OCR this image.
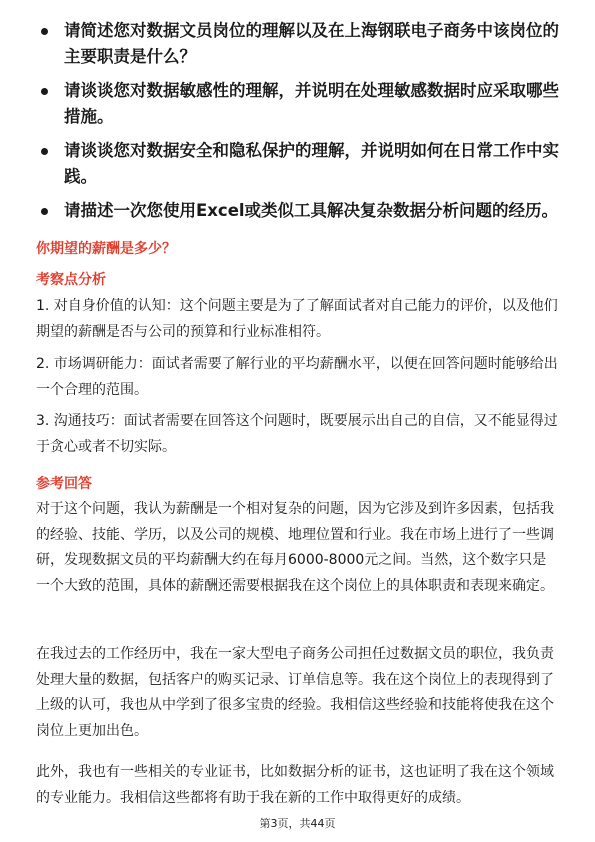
请简述您对数据文员岗位的理解以及在上海钢联电子商务中该岗位的主要职责是什么？
请谈谈您对数据敏感性的理解，并说明在处理敏感数据时应采取哪些措施。
请谈谈您对数据安全和隐私保护的理解，并说明如何在日常工作中实践。
请描述一次您使用Excel或类似工具解决复杂数据分析问题的经历。
你期望的薪酬是多少？
考察点分析

1. 对自身价值的认知：这个问题主要是为了了解面试者对自己能力的评价，以及他们期望的薪酬是否与公司的预算和行业标准相符。

2. 市场调研能力：面试者需要了解行业的平均薪酬水平，以便在回答问题时能够给出一个合理的范围。

3. 沟通技巧：面试者需要在回答这个问题时，既要展示出自己的自信，又不能显得过于贪心或者不切实际。

参考回答

对于这个问题，我认为薪酬是一个相对复杂的问题，因为它涉及到许多因素，包括我的经验、技能、学历，以及公司的规模、地理位置和行业。我在市场上进行了一些调研，发现数据文员的平均薪酬大约在每月6000-8000元之间。当然，这个数字只是一个大致的范围，具体的薪酬还需要根据我在这个岗位上的具体职责和表现来确定。

在我过去的工作经历中，我在一家大型电子商务公司担任过数据文员的职位，我负责处理大量的数据，包括客户的购买记录、订单信息等。我在这个岗位上的表现得到了上级的认可，我也从中学到了很多宝贵的经验。我相信这些经验和技能将使我在这个岗位上更加出色。

此外，我也有一些相关的专业证书，比如数据分析的证书，这也证明了我在这个领域的专业能力。我相信这些都将有助于我在新的工作中取得更好的成绩。

第3页，共44页
